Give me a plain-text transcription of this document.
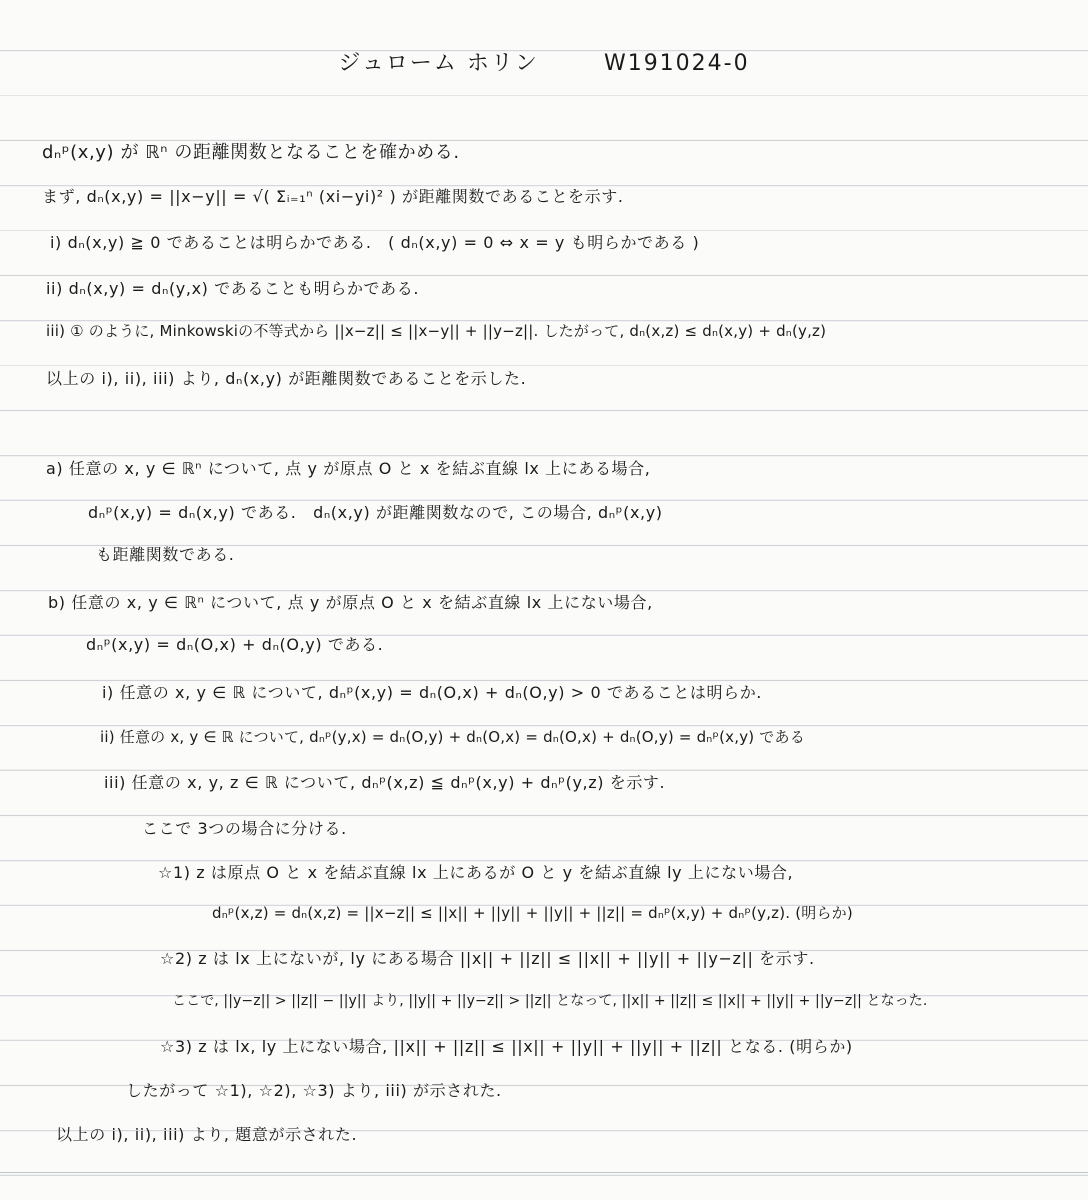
ジュローム ホリン	W191024-0
dₙᵖ(x,y) が ℝⁿ の距離関数となることを確かめる.
まず, dₙ(x,y) = ||x−y|| = √( Σᵢ₌₁ⁿ (xi−yi)² ) が距離関数であることを示す.
i) dₙ(x,y) ≧ 0 であることは明らかである.　( dₙ(x,y) = 0 ⇔ x = y も明らかである )
ii) dₙ(x,y) = dₙ(y,x) であることも明らかである.
iii) ① のように, Minkowskiの不等式から ||x−z|| ≤ ||x−y|| + ||y−z||. したがって, dₙ(x,z) ≤ dₙ(x,y) + dₙ(y,z)
以上の i), ii), iii) より, dₙ(x,y) が距離関数であることを示した.
a) 任意の x, y ∈ ℝⁿ について, 点 y が原点 O と x を結ぶ直線 lx 上にある場合,
dₙᵖ(x,y) = dₙ(x,y) である.　dₙ(x,y) が距離関数なので, この場合, dₙᵖ(x,y)
も距離関数である.
b) 任意の x, y ∈ ℝⁿ について, 点 y が原点 O と x を結ぶ直線 lx 上にない場合,
dₙᵖ(x,y) = dₙ(O,x) + dₙ(O,y) である.
i) 任意の x, y ∈ ℝ について, dₙᵖ(x,y) = dₙ(O,x) + dₙ(O,y) > 0 であることは明らか.
ii) 任意の x, y ∈ ℝ について, dₙᵖ(y,x) = dₙ(O,y) + dₙ(O,x) = dₙ(O,x) + dₙ(O,y) = dₙᵖ(x,y) である
iii) 任意の x, y, z ∈ ℝ について, dₙᵖ(x,z) ≦ dₙᵖ(x,y) + dₙᵖ(y,z) を示す.
ここで 3つの場合に分ける.
☆1) z は原点 O と x を結ぶ直線 lx 上にあるが O と y を結ぶ直線 ly 上にない場合,
dₙᵖ(x,z) = dₙ(x,z) = ||x−z|| ≤ ||x|| + ||y|| + ||y|| + ||z|| = dₙᵖ(x,y) + dₙᵖ(y,z). (明らか)
☆2) z は lx 上にないが, ly にある場合 ||x|| + ||z|| ≤ ||x|| + ||y|| + ||y−z|| を示す.
ここで, ||y−z|| > ||z|| − ||y|| より, ||y|| + ||y−z|| > ||z|| となって, ||x|| + ||z|| ≤ ||x|| + ||y|| + ||y−z|| となった.
☆3) z は lx, ly 上にない場合, ||x|| + ||z|| ≤ ||x|| + ||y|| + ||y|| + ||z|| となる. (明らか)
したがって ☆1), ☆2), ☆3) より, iii) が示された.
以上の i), ii), iii) より, 題意が示された.
